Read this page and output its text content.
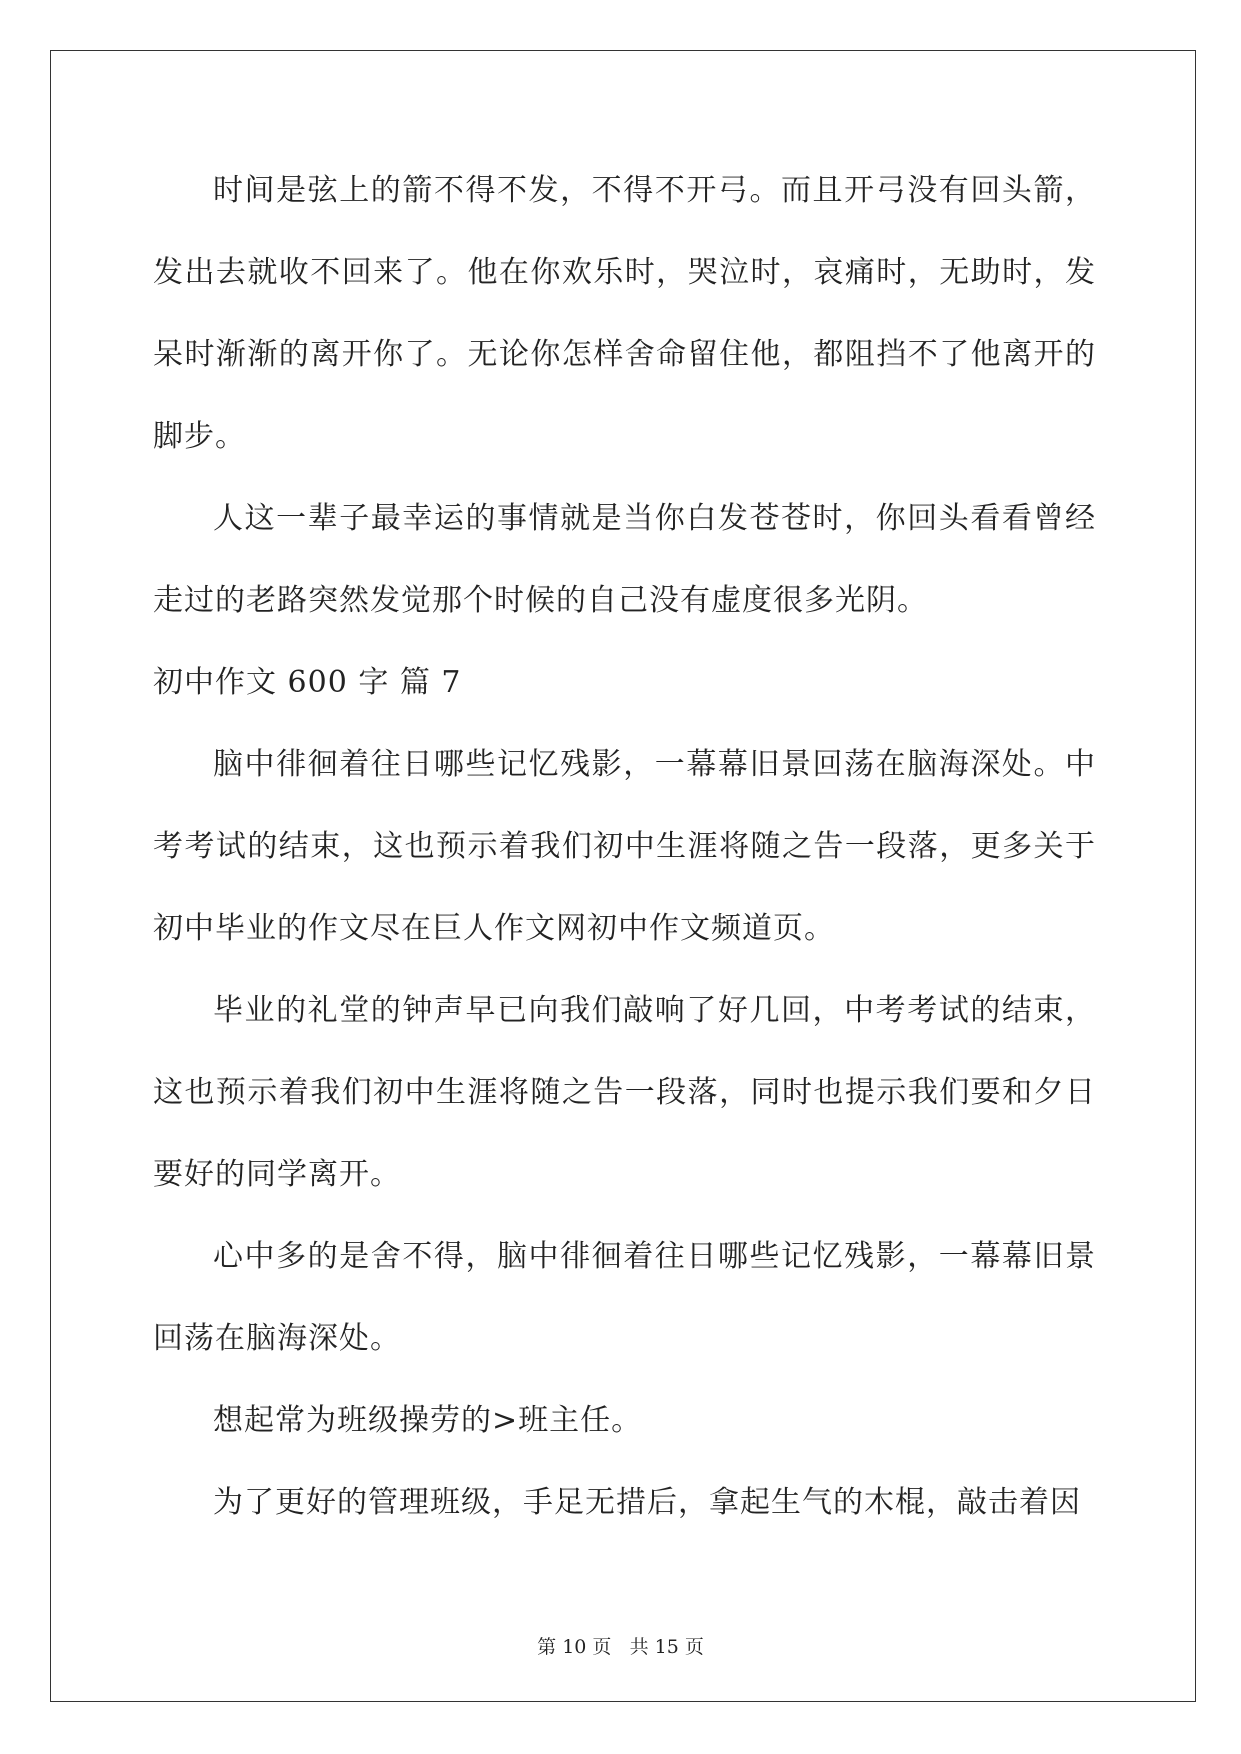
时间是弦上的箭不得不发，不得不开弓。而且开弓没有回头箭，发出去就收不回来了。他在你欢乐时，哭泣时，哀痛时，无助时，发呆时渐渐的离开你了。无论你怎样舍命留住他，都阻挡不了他离开的脚步。

人这一辈子最幸运的事情就是当你白发苍苍时，你回头看看曾经走过的老路突然发觉那个时候的自己没有虚度很多光阴。

初中作文 600 字 篇 7

脑中徘徊着往日哪些记忆残影，一幕幕旧景回荡在脑海深处。中考考试的结束，这也预示着我们初中生涯将随之告一段落，更多关于初中毕业的作文尽在巨人作文网初中作文频道页。

毕业的礼堂的钟声早已向我们敲响了好几回，中考考试的结束，这也预示着我们初中生涯将随之告一段落，同时也提示我们要和夕日要好的同学离开。

心中多的是舍不得，脑中徘徊着往日哪些记忆残影，一幕幕旧景回荡在脑海深处。

想起常为班级操劳的>班主任。

为了更好的管理班级，手足无措后，拿起生气的木棍，敲击着因

第 10 页 共 15 页
